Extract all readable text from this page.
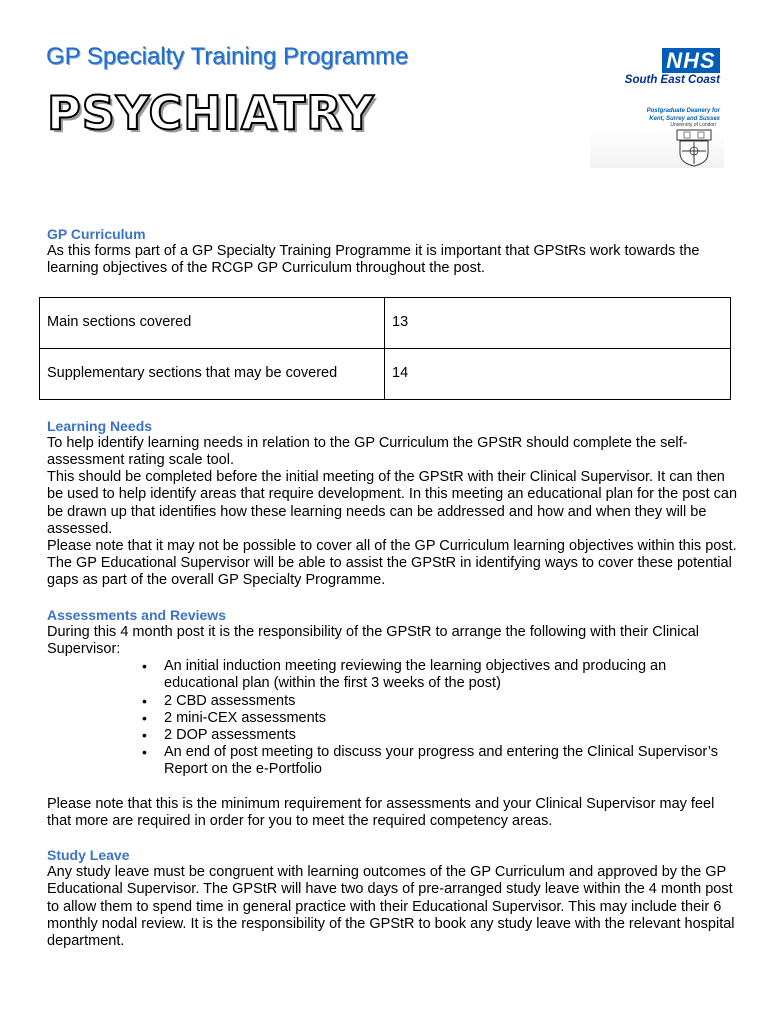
GP Specialty Training Programme
PSYCHIATRY
NHS
South East Coast
Postgraduate Deanery for
Kent, Surrey and Sussex
University of London
GP Curriculum

As this forms part of a GP Specialty Training Programme it is important that GPStRs work towards the learning objectives of the RCGP GP Curriculum throughout the post.

Main sections covered	13
Supplementary sections that may be covered	14
Learning Needs

To help identify learning needs in relation to the GP Curriculum the GPStR should complete the self-assessment rating scale tool.

This should be completed before the initial meeting of the GPStR with their Clinical Supervisor. It can then be used to help identify areas that require development. In this meeting an educational plan for the post can be drawn up that identifies how these learning needs can be addressed and how and when they will be assessed.

Please note that it may not be possible to cover all of the GP Curriculum learning objectives within this post. The GP Educational Supervisor will be able to assist the GPStR in identifying ways to cover these potential gaps as part of the overall GP Specialty Programme.

Assessments and Reviews

During this 4 month post it is the responsibility of the GPStR to arrange the following with their Clinical Supervisor:

• An initial induction meeting reviewing the learning objectives and producing an educational plan (within the first 3 weeks of the post)
• 2 CBD assessments
• 2 mini-CEX assessments
• 2 DOP assessments
• An end of post meeting to discuss your progress and entering the Clinical Supervisor’s Report on the e-Portfolio

Please note that this is the minimum requirement for assessments and your Clinical Supervisor may feel that more are required in order for you to meet the required competency areas.

Study Leave

Any study leave must be congruent with learning outcomes of the GP Curriculum and approved by the GP Educational Supervisor. The GPStR will have two days of pre-arranged study leave within the 4 month post to allow them to spend time in general practice with their Educational Supervisor. This may include their 6 monthly nodal review. It is the responsibility of the GPStR to book any study leave with the relevant hospital department.
